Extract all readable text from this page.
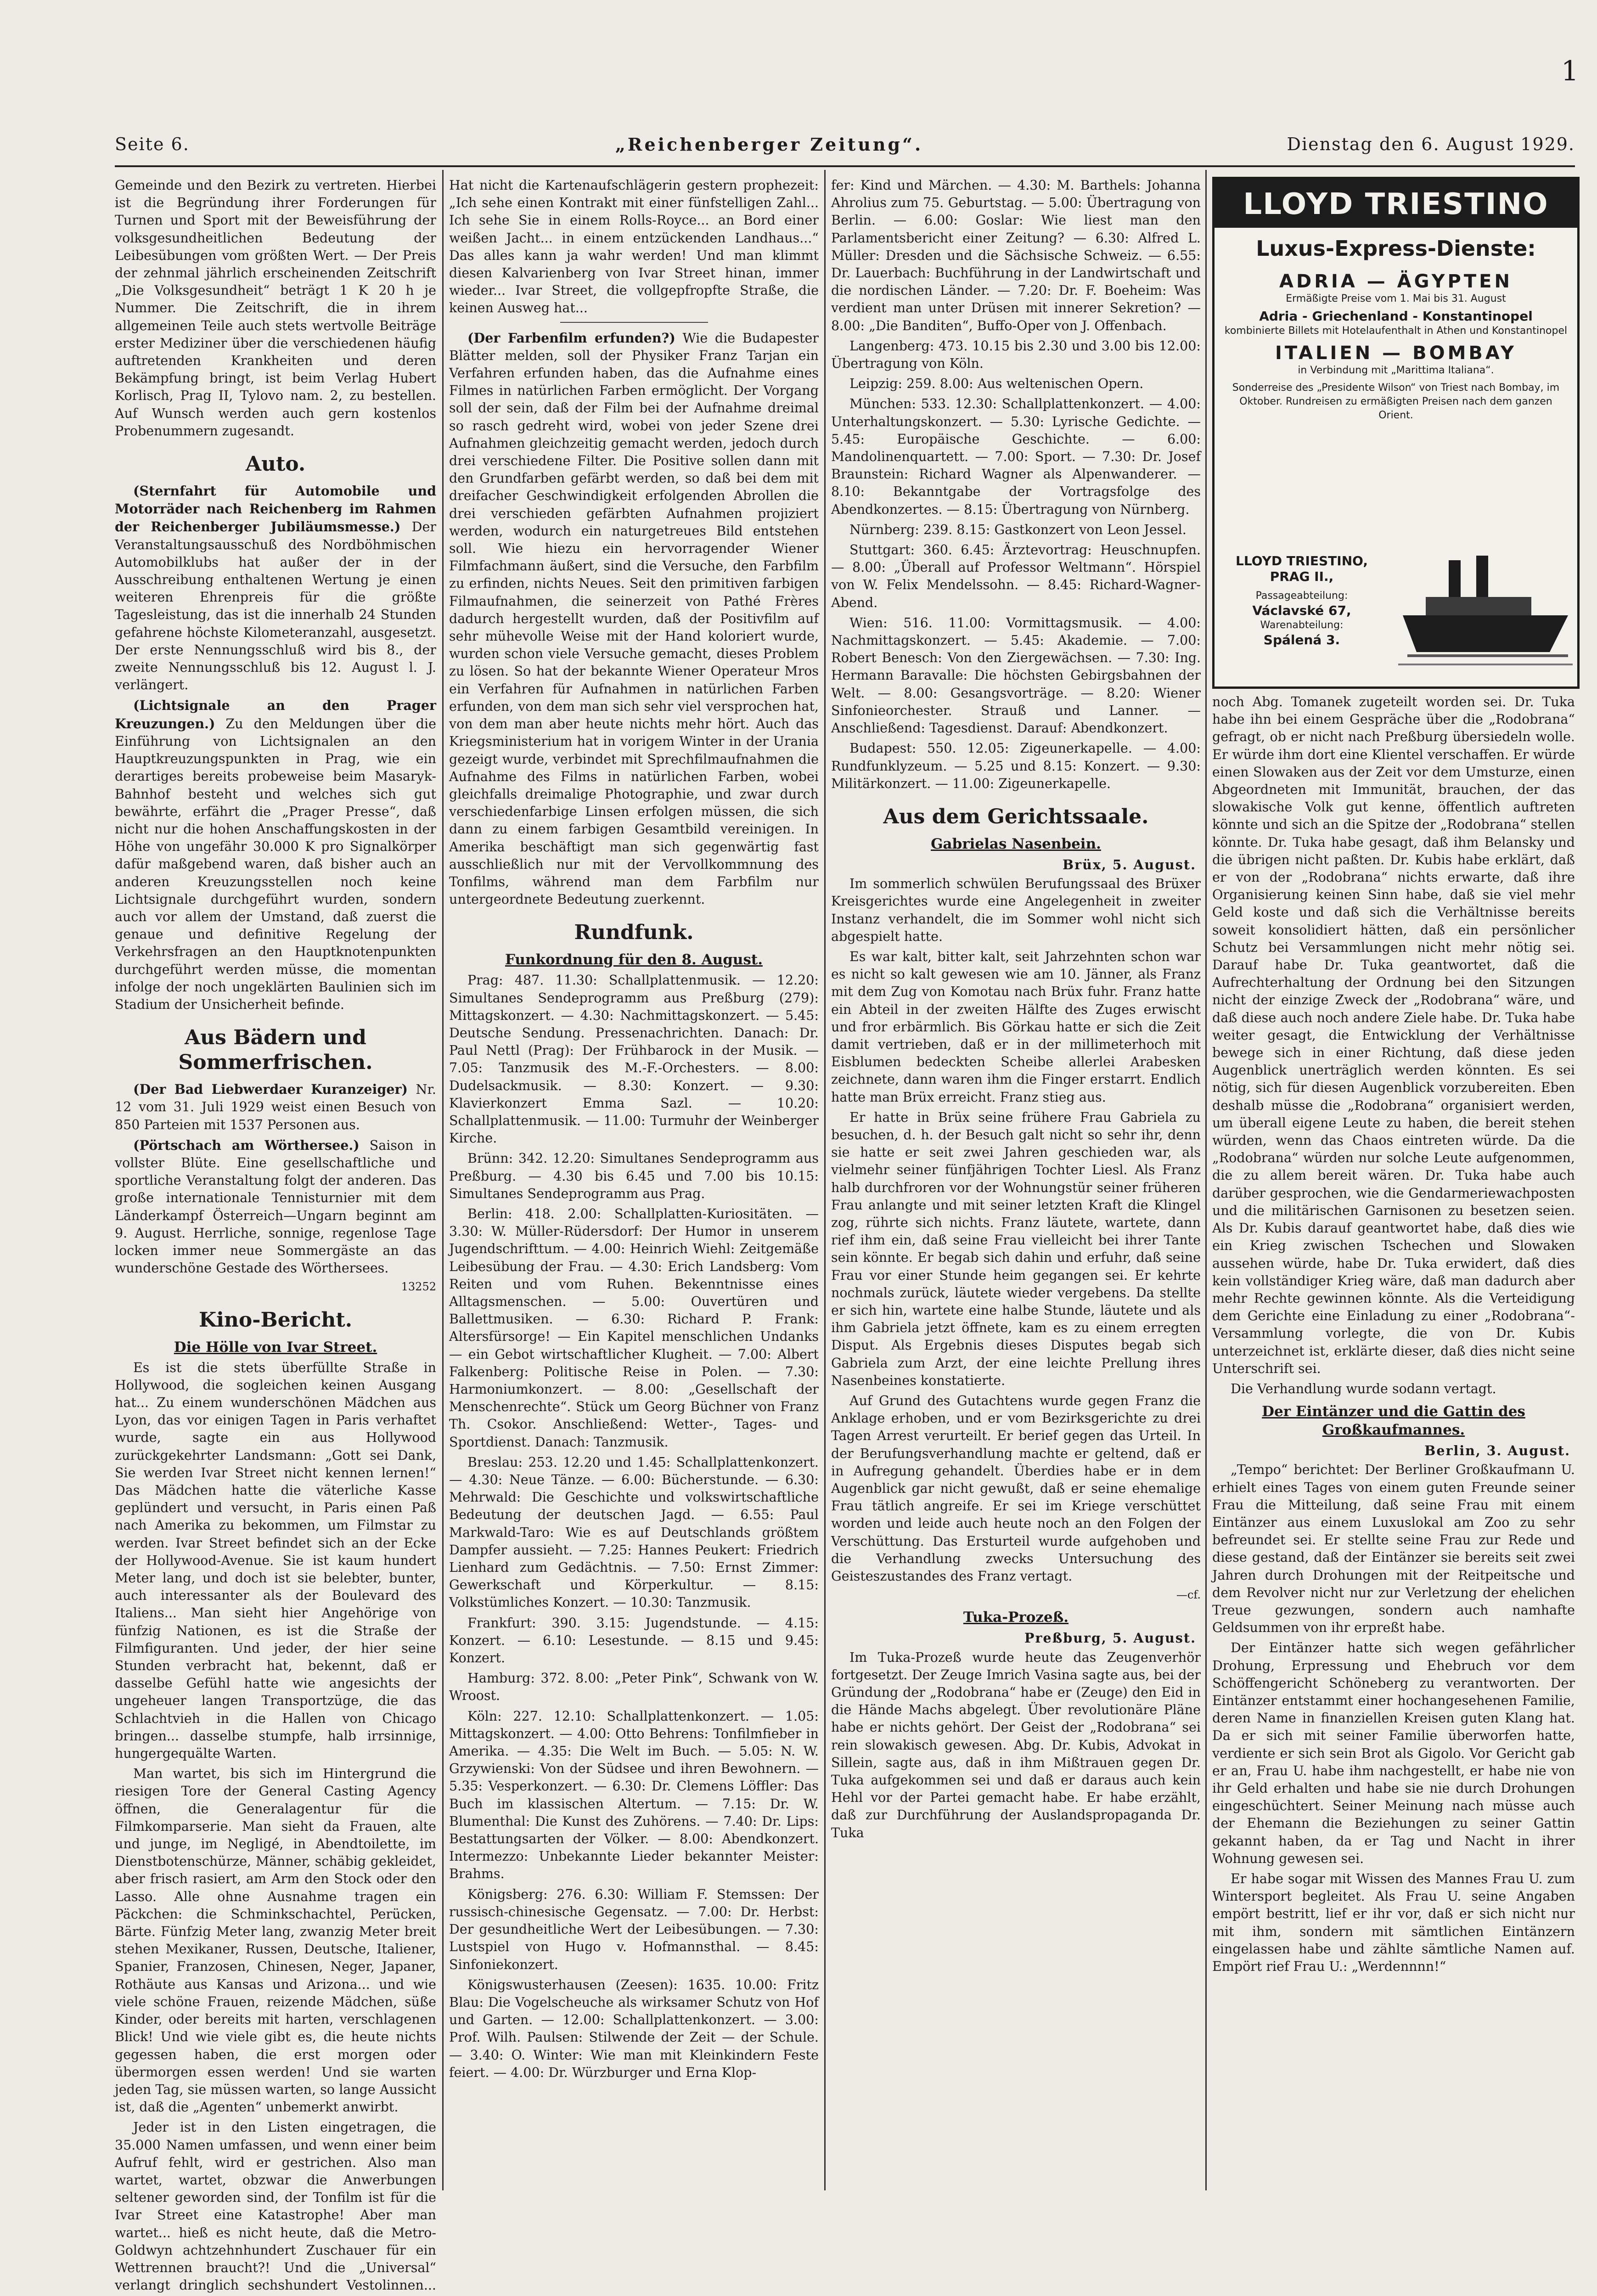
Seite 6.	„Reichenberger Zeitung“.	Dienstag den 6. August 1929.
1

Gemeinde und den Bezirk zu vertreten. Hierbei ist die Begründung ihrer Forderungen für Turnen und Sport mit der Beweisführung der volksgesundheitlichen Bedeutung der Leibesübungen vom größten Wert. — Der Preis der zehnmal jährlich erscheinenden Zeitschrift „Die Volksgesundheit“ beträgt 1 K 20 h je Nummer. Die Zeitschrift, die in ihrem allgemeinen Teile auch stets wertvolle Beiträge erster Mediziner über die verschiedenen häufig auftretenden Krankheiten und deren Bekämpfung bringt, ist beim Verlag Hubert Korlisch, Prag II, Tylovo nam. 2, zu bestellen. Auf Wunsch werden auch gern kostenlos Probenummern zugesandt.

Auto.

(Sternfahrt für Automobile und Motorräder nach Reichenberg im Rahmen der Reichenberger Jubiläumsmesse.) Der Veranstaltungsausschuß des Nordböhmischen Automobilklubs hat außer der in der Ausschreibung enthaltenen Wertung je einen weiteren Ehrenpreis für die größte Tagesleistung, das ist die innerhalb 24 Stunden gefahrene höchste Kilometeranzahl, ausgesetzt. Der erste Nennungsschluß wird bis 8., der zweite Nennungsschluß bis 12. August l. J. verlängert.

(Lichtsignale an den Prager Kreuzungen.) Zu den Meldungen über die Einführung von Lichtsignalen an den Hauptkreuzungspunkten in Prag, wie ein derartiges bereits probeweise beim Masaryk-Bahnhof besteht und welches sich gut bewährte, erfährt die „Prager Presse“, daß nicht nur die hohen Anschaffungskosten in der Höhe von ungefähr 30.000 K pro Signalkörper dafür maßgebend waren, daß bisher auch an anderen Kreuzungsstellen noch keine Lichtsignale durchgeführt wurden, sondern auch vor allem der Umstand, daß zuerst die genaue und definitive Regelung der Verkehrsfragen an den Hauptknotenpunkten durchgeführt werden müsse, die momentan infolge der noch ungeklärten Baulinien sich im Stadium der Unsicherheit befinde.

Aus Bädern und Sommerfrischen.

(Der Bad Liebwerdaer Kuranzeiger) Nr. 12 vom 31. Juli 1929 weist einen Besuch von 850 Parteien mit 1537 Personen aus.

(Pörtschach am Wörthersee.) Saison in vollster Blüte. Eine gesellschaftliche und sportliche Veranstaltung folgt der anderen. Das große internationale Tennisturnier mit dem Länderkampf Österreich—Ungarn beginnt am 9. August. Herrliche, sonnige, regenlose Tage locken immer neue Sommergäste an das wunderschöne Gestade des Wörthersees.

13252
Kino-Bericht.
Die Hölle von Ivar Street.

Es ist die stets überfüllte Straße in Hollywood, die sogleichen keinen Ausgang hat... Zu einem wunderschönen Mädchen aus Lyon, das vor einigen Tagen in Paris verhaftet wurde, sagte ein aus Hollywood zurückgekehrter Landsmann: „Gott sei Dank, Sie werden Ivar Street nicht kennen lernen!“ Das Mädchen hatte die väterliche Kasse geplündert und versucht, in Paris einen Paß nach Amerika zu bekommen, um Filmstar zu werden. Ivar Street befindet sich an der Ecke der Hollywood-Avenue. Sie ist kaum hundert Meter lang, und doch ist sie belebter, bunter, auch interessanter als der Boulevard des Italiens... Man sieht hier Angehörige von fünfzig Nationen, es ist die Straße der Filmfiguranten. Und jeder, der hier seine Stunden verbracht hat, bekennt, daß er dasselbe Gefühl hatte wie angesichts der ungeheuer langen Transportzüge, die das Schlachtvieh in die Hallen von Chicago bringen... dasselbe stumpfe, halb irrsinnige, hungergequälte Warten.

Man wartet, bis sich im Hintergrund die riesigen Tore der General Casting Agency öffnen, die Generalagentur für die Filmkomparserie. Man sieht da Frauen, alte und junge, im Negligé, in Abendtoilette, im Dienstbotenschürze, Männer, schäbig gekleidet, aber frisch rasiert, am Arm den Stock oder den Lasso. Alle ohne Ausnahme tragen ein Päckchen: die Schminkschachtel, Perücken, Bärte. Fünfzig Meter lang, zwanzig Meter breit stehen Mexikaner, Russen, Deutsche, Italiener, Spanier, Franzosen, Chinesen, Neger, Japaner, Rothäute aus Kansas und Arizona... und wie viele schöne Frauen, reizende Mädchen, süße Kinder, oder bereits mit harten, verschlagenen Blick! Und wie viele gibt es, die heute nichts gegessen haben, die erst morgen oder übermorgen essen werden! Und sie warten jeden Tag, sie müssen warten, so lange Aussicht ist, daß die „Agenten“ unbemerkt anwirbt.

Jeder ist in den Listen eingetragen, die 35.000 Namen umfassen, und wenn einer beim Aufruf fehlt, wird er gestrichen. Also man wartet, wartet, obzwar die Anwerbungen seltener geworden sind, der Tonfilm ist für die Ivar Street eine Katastrophe! Aber man wartet... hieß es nicht heute, daß die Metro-Goldwyn achtzehnhundert Zuschauer für ein Wettrennen braucht?! Und die „Universal“ verlangt dringlich sechshundert Vestolinnen...

Hat nicht die Kartenaufschlägerin gestern prophezeit: „Ich sehe einen Kontrakt mit einer fünfstelligen Zahl... Ich sehe Sie in einem Rolls-Royce... an Bord einer weißen Jacht... in einem entzückenden Landhaus...“ Das alles kann ja wahr werden! Und man klimmt diesen Kalvarienberg von Ivar Street hinan, immer wieder... Ivar Street, die vollgepfropfte Straße, die keinen Ausweg hat...

(Der Farbenfilm erfunden?) Wie die Budapester Blätter melden, soll der Physiker Franz Tarjan ein Verfahren erfunden haben, das die Aufnahme eines Filmes in natürlichen Farben ermöglicht. Der Vorgang soll der sein, daß der Film bei der Aufnahme dreimal so rasch gedreht wird, wobei von jeder Szene drei Aufnahmen gleichzeitig gemacht werden, jedoch durch drei verschiedene Filter. Die Positive sollen dann mit den Grundfarben gefärbt werden, so daß bei dem mit dreifacher Geschwindigkeit erfolgenden Abrollen die drei verschieden gefärbten Aufnahmen projiziert werden, wodurch ein naturgetreues Bild entstehen soll. Wie hiezu ein hervorragender Wiener Filmfachmann äußert, sind die Versuche, den Farbfilm zu erfinden, nichts Neues. Seit den primitiven farbigen Filmaufnahmen, die seinerzeit von Pathé Frères dadurch hergestellt wurden, daß der Positivfilm auf sehr mühevolle Weise mit der Hand koloriert wurde, wurden schon viele Versuche gemacht, dieses Problem zu lösen. So hat der bekannte Wiener Operateur Mros ein Verfahren für Aufnahmen in natürlichen Farben erfunden, von dem man sich sehr viel versprochen hat, von dem man aber heute nichts mehr hört. Auch das Kriegsministerium hat in vorigem Winter in der Urania gezeigt wurde, verbindet mit Sprechfilmaufnahmen die Aufnahme des Films in natürlichen Farben, wobei gleichfalls dreimalige Photographie, und zwar durch verschiedenfarbige Linsen erfolgen müssen, die sich dann zu einem farbigen Gesamtbild vereinigen. In Amerika beschäftigt man sich gegenwärtig fast ausschließlich nur mit der Vervollkommnung des Tonfilms, während man dem Farbfilm nur untergeordnete Bedeutung zuerkennt.

Rundfunk.
Funkordnung für den 8. August.

Prag: 487. 11.30: Schallplattenmusik. — 12.20: Simultanes Sendeprogramm aus Preßburg (279): Mittagskonzert. — 4.30: Nachmittagskonzert. — 5.45: Deutsche Sendung. Pressenachrichten. Danach: Dr. Paul Nettl (Prag): Der Frühbarock in der Musik. — 7.05: Tanzmusik des M.-F.-Orchesters. — 8.00: Dudelsackmusik. — 8.30: Konzert. — 9.30: Klavierkonzert Emma Sazl. — 10.20: Schallplattenmusik. — 11.00: Turmuhr der Weinberger Kirche.

Brünn: 342. 12.20: Simultanes Sendeprogramm aus Preßburg. — 4.30 bis 6.45 und 7.00 bis 10.15: Simultanes Sendeprogramm aus Prag.

Berlin: 418. 2.00: Schallplatten-Kuriositäten. — 3.30: W. Müller-Rüdersdorf: Der Humor in unserem Jugendschrifttum. — 4.00: Heinrich Wiehl: Zeitgemäße Leibesübung der Frau. — 4.30: Erich Landsberg: Vom Reiten und vom Ruhen. Bekenntnisse eines Alltagsmenschen. — 5.00: Ouvertüren und Ballettmusiken. — 6.30: Richard P. Frank: Altersfürsorge! — Ein Kapitel menschlichen Undanks — ein Gebot wirtschaftlicher Klugheit. — 7.00: Albert Falkenberg: Politische Reise in Polen. — 7.30: Harmoniumkonzert. — 8.00: „Gesellschaft der Menschenrechte“. Stück um Georg Büchner von Franz Th. Csokor. Anschließend: Wetter-, Tages- und Sportdienst. Danach: Tanzmusik.

Breslau: 253. 12.20 und 1.45: Schallplattenkonzert. — 4.30: Neue Tänze. — 6.00: Bücherstunde. — 6.30: Mehrwald: Die Geschichte und volkswirtschaftliche Bedeutung der deutschen Jagd. — 6.55: Paul Markwald-Taro: Wie es auf Deutschlands größtem Dampfer aussieht. — 7.25: Hannes Peukert: Friedrich Lienhard zum Gedächtnis. — 7.50: Ernst Zimmer: Gewerkschaft und Körperkultur. — 8.15: Volkstümliches Konzert. — 10.30: Tanzmusik.

Frankfurt: 390. 3.15: Jugendstunde. — 4.15: Konzert. — 6.10: Lesestunde. — 8.15 und 9.45: Konzert.

Hamburg: 372. 8.00: „Peter Pink“, Schwank von W. Wroost.

Köln: 227. 12.10: Schallplattenkonzert. — 1.05: Mittagskonzert. — 4.00: Otto Behrens: Tonfilmfieber in Amerika. — 4.35: Die Welt im Buch. — 5.05: N. W. Grzywienski: Von der Südsee und ihren Bewohnern. — 5.35: Vesperkonzert. — 6.30: Dr. Clemens Löffler: Das Buch im klassischen Altertum. — 7.15: Dr. W. Blumenthal: Die Kunst des Zuhörens. — 7.40: Dr. Lips: Bestattungsarten der Völker. — 8.00: Abendkonzert. Intermezzo: Unbekannte Lieder bekannter Meister: Brahms.

Königsberg: 276. 6.30: William F. Stemssen: Der russisch-chinesische Gegensatz. — 7.00: Dr. Herbst: Der gesundheitliche Wert der Leibesübungen. — 7.30: Lustspiel von Hugo v. Hofmannsthal. — 8.45: Sinfoniekonzert.

Königswusterhausen (Zeesen): 1635. 10.00: Fritz Blau: Die Vogelscheuche als wirksamer Schutz von Hof und Garten. — 12.00: Schallplattenkonzert. — 3.00: Prof. Wilh. Paulsen: Stilwende der Zeit — der Schule. — 3.40: O. Winter: Wie man mit Kleinkindern Feste feiert. — 4.00: Dr. Würzburger und Erna Klop-

fer: Kind und Märchen. — 4.30: M. Barthels: Johanna Ahrolius zum 75. Geburtstag. — 5.00: Übertragung von Berlin. — 6.00: Goslar: Wie liest man den Parlamentsbericht einer Zeitung? — 6.30: Alfred L. Müller: Dresden und die Sächsische Schweiz. — 6.55: Dr. Lauerbach: Buchführung in der Landwirtschaft und die nordischen Länder. — 7.20: Dr. F. Boeheim: Was verdient man unter Drüsen mit innerer Sekretion? — 8.00: „Die Banditen“, Buffo-Oper von J. Offenbach.

Langenberg: 473. 10.15 bis 2.30 und 3.00 bis 12.00: Übertragung von Köln.

Leipzig: 259. 8.00: Aus weltenischen Opern.

München: 533. 12.30: Schallplattenkonzert. — 4.00: Unterhaltungskonzert. — 5.30: Lyrische Gedichte. — 5.45: Europäische Geschichte. — 6.00: Mandolinenquartett. — 7.00: Sport. — 7.30: Dr. Josef Braunstein: Richard Wagner als Alpenwanderer. — 8.10: Bekanntgabe der Vortragsfolge des Abendkonzertes. — 8.15: Übertragung von Nürnberg.

Nürnberg: 239. 8.15: Gastkonzert von Leon Jessel.

Stuttgart: 360. 6.45: Ärztevortrag: Heuschnupfen. — 8.00: „Überall auf Professor Weltmann“. Hörspiel von W. Felix Mendelssohn. — 8.45: Richard-Wagner-Abend.

Wien: 516. 11.00: Vormittagsmusik. — 4.00: Nachmittagskonzert. — 5.45: Akademie. — 7.00: Robert Benesch: Von den Ziergewächsen. — 7.30: Ing. Hermann Baravalle: Die höchsten Gebirgsbahnen der Welt. — 8.00: Gesangsvorträge. — 8.20: Wiener Sinfonieorchester. Strauß und Lanner. — Anschließend: Tagesdienst. Darauf: Abendkonzert.

Budapest: 550. 12.05: Zigeunerkapelle. — 4.00: Rundfunklyzeum. — 5.25 und 8.15: Konzert. — 9.30: Militärkonzert. — 11.00: Zigeunerkapelle.

Aus dem Gerichtssaale.
Gabrielas Nasenbein.
Brüx, 5. August.

Im sommerlich schwülen Berufungssaal des Brüxer Kreisgerichtes wurde eine Angelegenheit in zweiter Instanz verhandelt, die im Sommer wohl nicht sich abgespielt hatte.

Es war kalt, bitter kalt, seit Jahrzehnten schon war es nicht so kalt gewesen wie am 10. Jänner, als Franz mit dem Zug von Komotau nach Brüx fuhr. Franz hatte ein Abteil in der zweiten Hälfte des Zuges erwischt und fror erbärmlich. Bis Görkau hatte er sich die Zeit damit vertrieben, daß er in der millimeterhoch mit Eisblumen bedeckten Scheibe allerlei Arabesken zeichnete, dann waren ihm die Finger erstarrt. Endlich hatte man Brüx erreicht. Franz stieg aus.

Er hatte in Brüx seine frühere Frau Gabriela zu besuchen, d. h. der Besuch galt nicht so sehr ihr, denn sie hatte er seit zwei Jahren geschieden war, als vielmehr seiner fünfjährigen Tochter Liesl. Als Franz halb durchfroren vor der Wohnungstür seiner früheren Frau anlangte und mit seiner letzten Kraft die Klingel zog, rührte sich nichts. Franz läutete, wartete, dann rief ihm ein, daß seine Frau vielleicht bei ihrer Tante sein könnte. Er begab sich dahin und erfuhr, daß seine Frau vor einer Stunde heim gegangen sei. Er kehrte nochmals zurück, läutete wieder vergebens. Da stellte er sich hin, wartete eine halbe Stunde, läutete und als ihm Gabriela jetzt öffnete, kam es zu einem erregten Disput. Als Ergebnis dieses Disputes begab sich Gabriela zum Arzt, der eine leichte Prellung ihres Nasenbeines konstatierte.

Auf Grund des Gutachtens wurde gegen Franz die Anklage erhoben, und er vom Bezirksgerichte zu drei Tagen Arrest verurteilt. Er berief gegen das Urteil. In der Berufungsverhandlung machte er geltend, daß er in Aufregung gehandelt. Überdies habe er in dem Augenblick gar nicht gewußt, daß er seine ehemalige Frau tätlich angreife. Er sei im Kriege verschüttet worden und leide auch heute noch an den Folgen der Verschüttung. Das Ersturteil wurde aufgehoben und die Verhandlung zwecks Untersuchung des Geisteszustandes des Franz vertagt.

—cf.
Tuka-Prozeß.
Preßburg, 5. August.

Im Tuka-Prozeß wurde heute das Zeugenverhör fortgesetzt. Der Zeuge Imrich Vasina sagte aus, bei der Gründung der „Rodobrana“ habe er (Zeuge) den Eid in die Hände Machs abgelegt. Über revolutionäre Pläne habe er nichts gehört. Der Geist der „Rodobrana“ sei rein slowakisch gewesen. Abg. Dr. Kubis, Advokat in Sillein, sagte aus, daß in ihm Mißtrauen gegen Dr. Tuka aufgekommen sei und daß er daraus auch kein Hehl vor der Partei gemacht habe. Er habe erzählt, daß zur Durchführung der Auslandspropaganda Dr. Tuka

LLOYD TRIESTINO
Luxus-Express-Dienste:
ADRIA — ÄGYPTEN
Ermäßigte Preise vom 1. Mai bis 31. August
Adria - Griechenland - Konstantinopel
kombinierte Billets mit Hotelaufenthalt in Athen und Konstantinopel
ITALIEN — BOMBAY
in Verbindung mit „Marittima Italiana“.
Sonderreise des „Presidente Wilson“ von Triest nach Bombay, im Oktober. Rundreisen zu ermäßigten Preisen nach dem ganzen Orient.
LLOYD TRIESTINO, PRAG II.,
Passageabteilung:
Václavské 67,
Warenabteilung:
Spálená 3.

noch Abg. Tomanek zugeteilt worden sei. Dr. Tuka habe ihn bei einem Gespräche über die „Rodobrana“ gefragt, ob er nicht nach Preßburg übersiedeln wolle. Er würde ihm dort eine Klientel verschaffen. Er würde einen Slowaken aus der Zeit vor dem Umsturze, einen Abgeordneten mit Immunität, brauchen, der das slowakische Volk gut kenne, öffentlich auftreten könnte und sich an die Spitze der „Rodobrana“ stellen könnte. Dr. Tuka habe gesagt, daß ihm Belansky und die übrigen nicht paßten. Dr. Kubis habe erklärt, daß er von der „Rodobrana“ nichts erwarte, daß ihre Organisierung keinen Sinn habe, daß sie viel mehr Geld koste und daß sich die Verhältnisse bereits soweit konsolidiert hätten, daß ein persönlicher Schutz bei Versammlungen nicht mehr nötig sei. Darauf habe Dr. Tuka geantwortet, daß die Aufrechterhaltung der Ordnung bei den Sitzungen nicht der einzige Zweck der „Rodobrana“ wäre, und daß diese auch noch andere Ziele habe. Dr. Tuka habe weiter gesagt, die Entwicklung der Verhältnisse bewege sich in einer Richtung, daß diese jeden Augenblick unerträglich werden könnten. Es sei nötig, sich für diesen Augenblick vorzubereiten. Eben deshalb müsse die „Rodobrana“ organisiert werden, um überall eigene Leute zu haben, die bereit stehen würden, wenn das Chaos eintreten würde. Da die „Rodobrana“ würden nur solche Leute aufgenommen, die zu allem bereit wären. Dr. Tuka habe auch darüber gesprochen, wie die Gendarmeriewachposten und die militärischen Garnisonen zu besetzen seien. Als Dr. Kubis darauf geantwortet habe, daß dies wie ein Krieg zwischen Tschechen und Slowaken aussehen würde, habe Dr. Tuka erwidert, daß dies kein vollständiger Krieg wäre, daß man dadurch aber mehr Rechte gewinnen könnte. Als die Verteidigung dem Gerichte eine Einladung zu einer „Rodobrana“-Versammlung vorlegte, die von Dr. Kubis unterzeichnet ist, erklärte dieser, daß dies nicht seine Unterschrift sei.

Die Verhandlung wurde sodann vertagt.

Der Eintänzer und die Gattin des Großkaufmannes.
Berlin, 3. August.

„Tempo“ berichtet: Der Berliner Großkaufmann U. erhielt eines Tages von einem guten Freunde seiner Frau die Mitteilung, daß seine Frau mit einem Eintänzer aus einem Luxuslokal am Zoo zu sehr befreundet sei. Er stellte seine Frau zur Rede und diese gestand, daß der Eintänzer sie bereits seit zwei Jahren durch Drohungen mit der Reitpeitsche und dem Revolver nicht nur zur Verletzung der ehelichen Treue gezwungen, sondern auch namhafte Geldsummen von ihr erpreßt habe.

Der Eintänzer hatte sich wegen gefährlicher Drohung, Erpressung und Ehebruch vor dem Schöffengericht Schöneberg zu verantworten. Der Eintänzer entstammt einer hochangesehenen Familie, deren Name in finanziellen Kreisen guten Klang hat. Da er sich mit seiner Familie überworfen hatte, verdiente er sich sein Brot als Gigolo. Vor Gericht gab er an, Frau U. habe ihm nachgestellt, er habe nie von ihr Geld erhalten und habe sie nie durch Drohungen eingeschüchtert. Seiner Meinung nach müsse auch der Ehemann die Beziehungen zu seiner Gattin gekannt haben, da er Tag und Nacht in ihrer Wohnung gewesen sei.

Er habe sogar mit Wissen des Mannes Frau U. zum Wintersport begleitet. Als Frau U. seine Angaben empört bestritt, lief er ihr vor, daß er sich nicht nur mit ihm, sondern mit sämtlichen Eintänzern eingelassen habe und zählte sämtliche Namen auf. Empört rief Frau U.: „Werdennnn!“
